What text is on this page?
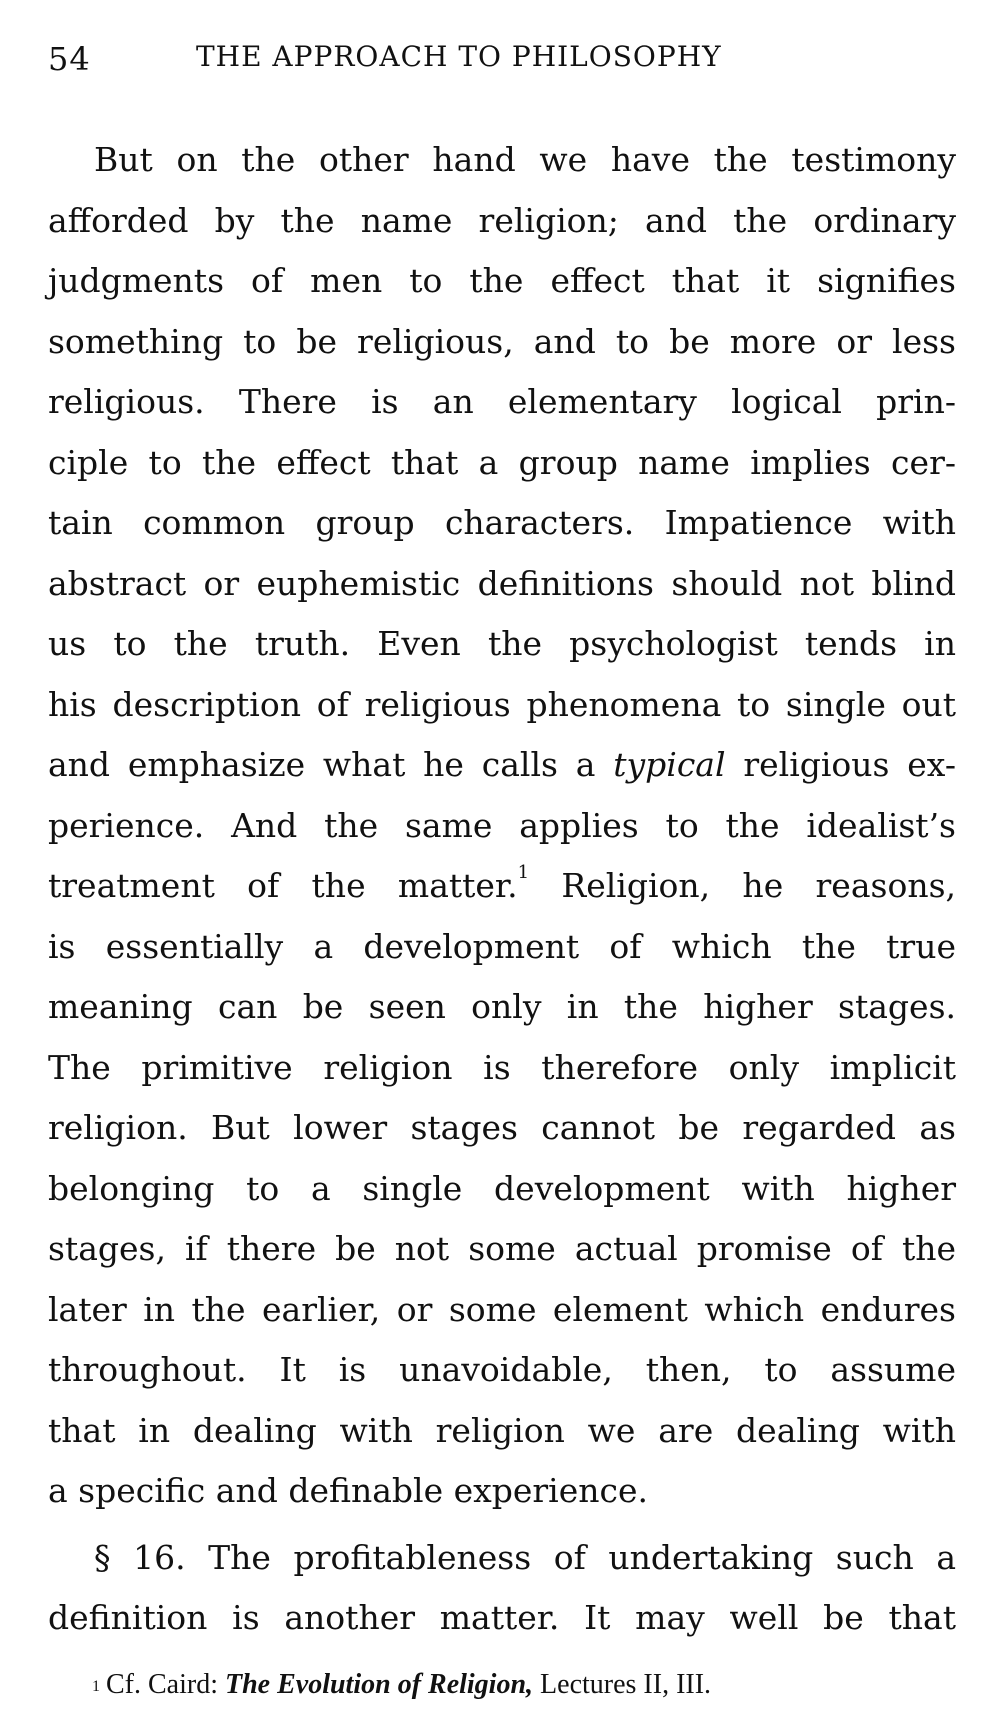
54	THE APPROACH TO PHILOSOPHY
But on the other hand we have the testimony
afforded by the name religion; and the ordinary
judgments of men to the effect that it signifies
something to be religious, and to be more or less
religious. There is an elementary logical prin-
ciple to the effect that a group name implies cer-
tain common group characters. Impatience with
abstract or euphemistic definitions should not blind
us to the truth. Even the psychologist tends in
his description of religious phenomena to single out
and emphasize what he calls a typical religious ex-
perience. And the same applies to the idealist’s
treatment of the matter.$^1$ Religion, he reasons,
is essentially a development of which the true
meaning can be seen only in the higher stages.
The primitive religion is therefore only implicit
religion. But lower stages cannot be regarded as
belonging to a single development with higher
stages, if there be not some actual promise of the
later in the earlier, or some element which endures
throughout. It is unavoidable, then, to assume
that in dealing with religion we are dealing with
a specific and definable experience.
§ 16. The profitableness of undertaking such a
definition is another matter. It may well be that
$^1$ Cf. Caird: The Evolution of Religion, Lectures II, III.
